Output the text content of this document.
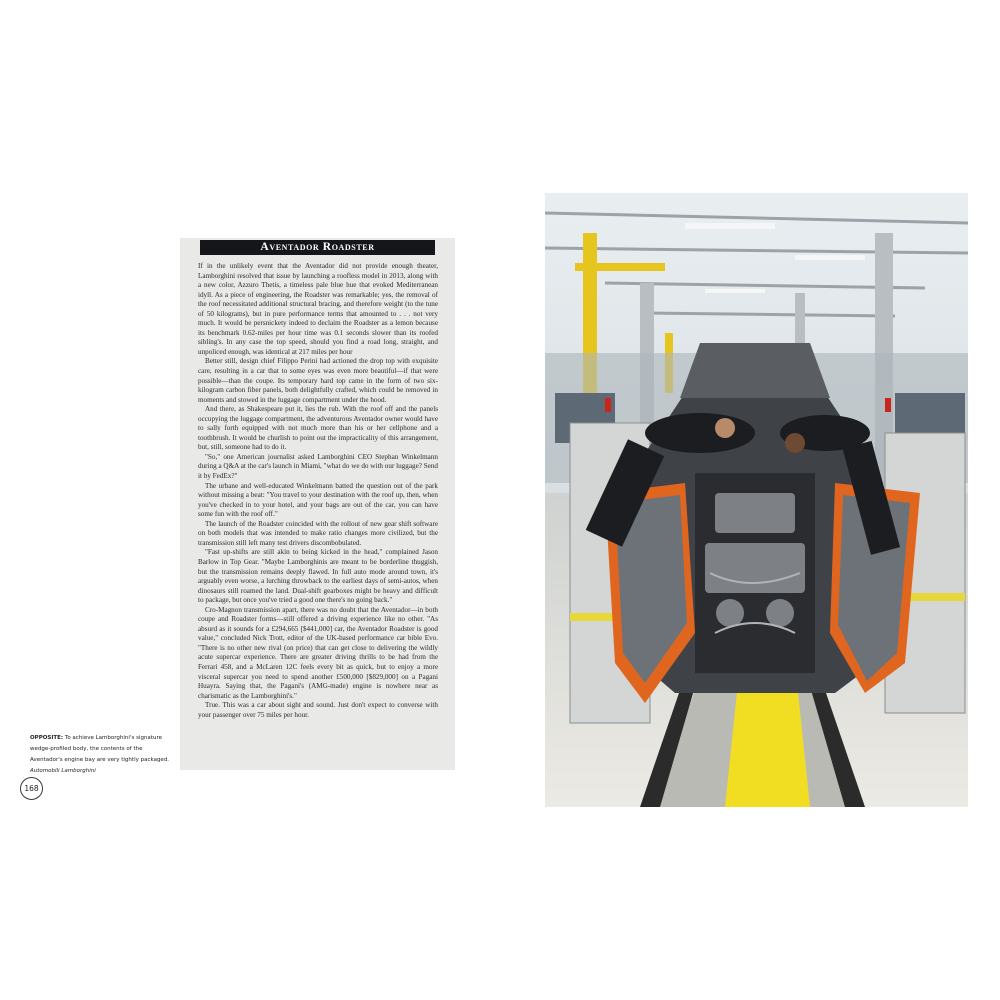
Aventador Roadster

If in the unlikely event that the Aventador did not provide enough theater, Lamborghini resolved that issue by launching a roofless model in 2013, along with a new color, Azzuro Thetis, a timeless pale blue hue that evoked Mediterranean idyll. As a piece of engineering, the Roadster was remarkable; yes, the removal of the roof necessitated additional structural bracing, and therefore weight (to the tune of 50 kilograms), but in pure performance terms that amounted to . . . not very much. It would be persnickety indeed to declaim the Roadster as a lemon because its benchmark 0.62-miles per hour time was 0.1 seconds slower than its roofed sibling's. In any case the top speed, should you find a road long, straight, and unpoliced enough, was identical at 217 miles per hour

Better still, design chief Filippo Perini had actioned the drop top with exquisite care, resulting in a car that to some eyes was even more beautiful—if that were possible—than the coupe. Its temporary hard top came in the form of two six-kilogram carbon fiber panels, both delightfully crafted, which could be removed in moments and stowed in the luggage compartment under the hood.

And there, as Shakespeare put it, lies the rub. With the roof off and the panels occupying the luggage compartment, the adventurous Aventador owner would have to sally forth equipped with not much more than his or her cellphone and a toothbrush. It would be churlish to point out the impracticality of this arrangement, but, still, someone had to do it.

"So," one American journalist asked Lamborghini CEO Stephan Winkelmann during a Q&A at the car's launch in Miami, "what do we do with our luggage? Send it by FedEx?"

The urbane and well-educated Winkelmann batted the question out of the park without missing a beat: "You travel to your destination with the roof up, then, when you've checked in to your hotel, and your bags are out of the car, you can have some fun with the roof off."

The launch of the Roadster coincided with the rollout of new gear shift software on both models that was intended to make ratio changes more civilized, but the transmission still left many test drivers discombobulated.

"Fast up-shifts are still akin to being kicked in the head," complained Jason Barlow in Top Gear. "Maybe Lamborghinis are meant to be borderline thuggish, but the transmission remains deeply flawed. In full auto mode around town, it's arguably even worse, a lurching throwback to the earliest days of semi-autos, when dinosaurs still roamed the land. Dual-shift gearboxes might be heavy and difficult to package, but once you've tried a good one there's no going back."

Cro-Magnon transmission apart, there was no doubt that the Aventador—in both coupe and Roadster forms—still offered a driving experience like no other. "As absurd as it sounds for a £294,665 [$441,000] car, the Aventador Roadster is good value," concluded Nick Trott, editor of the UK-based performance car bible Evo. "There is no other new rival (on price) that can get close to delivering the wildly acute supercar experience. There are greater driving thrills to be had from the Ferrari 458, and a McLaren 12C feels every bit as quick, but to enjoy a more visceral supercar you need to spend another £500,000 [$829,000] on a Pagani Huayra. Saying that, the Pagani's (AMG-made) engine is nowhere near as charismatic as the Lamborghini's."

True. This was a car about sight and sound. Just don't expect to converse with your passenger over 75 miles per hour.

OPPOSITE: To achieve Lamborghini's signature wedge-profiled body, the contents of the Aventador's engine bay are very tightly packaged. Automobili Lamborghini
168
